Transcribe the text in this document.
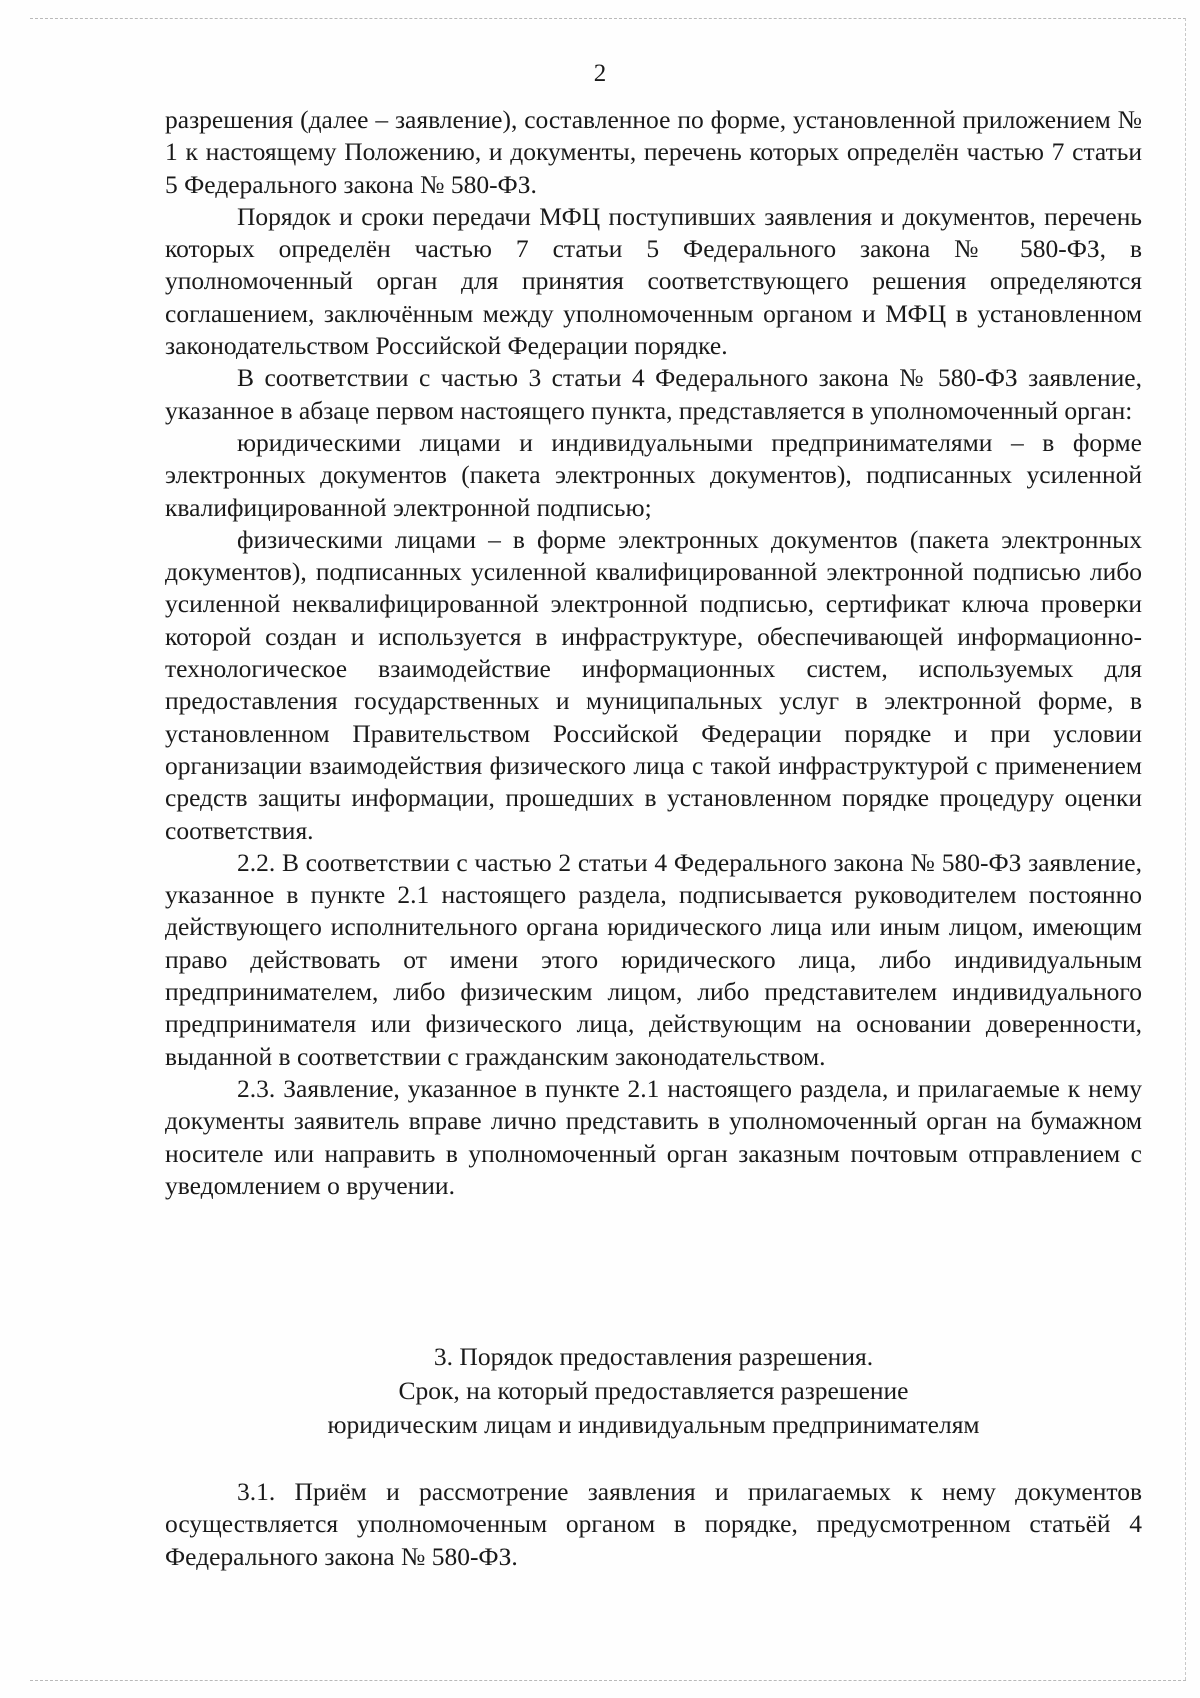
2

разрешения (далее – заявление), составленное по форме, установленной приложением № 1 к настоящему Положению, и документы, перечень которых определён частью 7 статьи 5 Федерального закона № 580-ФЗ.

Порядок и сроки передачи МФЦ поступивших заявления и документов, перечень которых определён частью 7 статьи 5 Федерального закона № 580-ФЗ, в уполномоченный орган для принятия соответствующего решения определяются соглашением, заключённым между уполномоченным органом и МФЦ в установленном законодательством Российской Федерации порядке.

В соответствии с частью 3 статьи 4 Федерального закона № 580-ФЗ заявление, указанное в абзаце первом настоящего пункта, представляется в уполномоченный орган:

юридическими лицами и индивидуальными предпринимателями – в форме электронных документов (пакета электронных документов), подписанных усиленной квалифицированной электронной подписью;

физическими лицами – в форме электронных документов (пакета электронных документов), подписанных усиленной квалифицированной электронной подписью либо усиленной неквалифицированной электронной подписью, сертификат ключа проверки которой создан и используется в инфраструктуре, обеспечивающей информационно-технологическое взаимодействие информационных систем, используемых для предоставления государственных и муниципальных услуг в электронной форме, в установленном Правительством Российской Федерации порядке и при условии организации взаимодействия физического лица с такой инфраструктурой с применением средств защиты информации, прошедших в установленном порядке процедуру оценки соответствия.

2.2. В соответствии с частью 2 статьи 4 Федерального закона № 580-ФЗ заявление, указанное в пункте 2.1 настоящего раздела, подписывается руководителем постоянно действующего исполнительного органа юридического лица или иным лицом, имеющим право действовать от имени этого юридического лица, либо индивидуальным предпринимателем, либо физическим лицом, либо представителем индивидуального предпринимателя или физического лица, действующим на основании доверенности, выданной в соответствии с гражданским законодательством.

2.3. Заявление, указанное в пункте 2.1 настоящего раздела, и прилагаемые к нему документы заявитель вправе лично представить в уполномоченный орган на бумажном носителе или направить в уполномоченный орган заказным почтовым отправлением с уведомлением о вручении.

3. Порядок предоставления разрешения.
Срок, на который предоставляется разрешение
юридическим лицам и индивидуальным предпринимателям

3.1. Приём и рассмотрение заявления и прилагаемых к нему документов осуществляется уполномоченным органом в порядке, предусмотренном статьёй 4 Федерального закона № 580-ФЗ.
